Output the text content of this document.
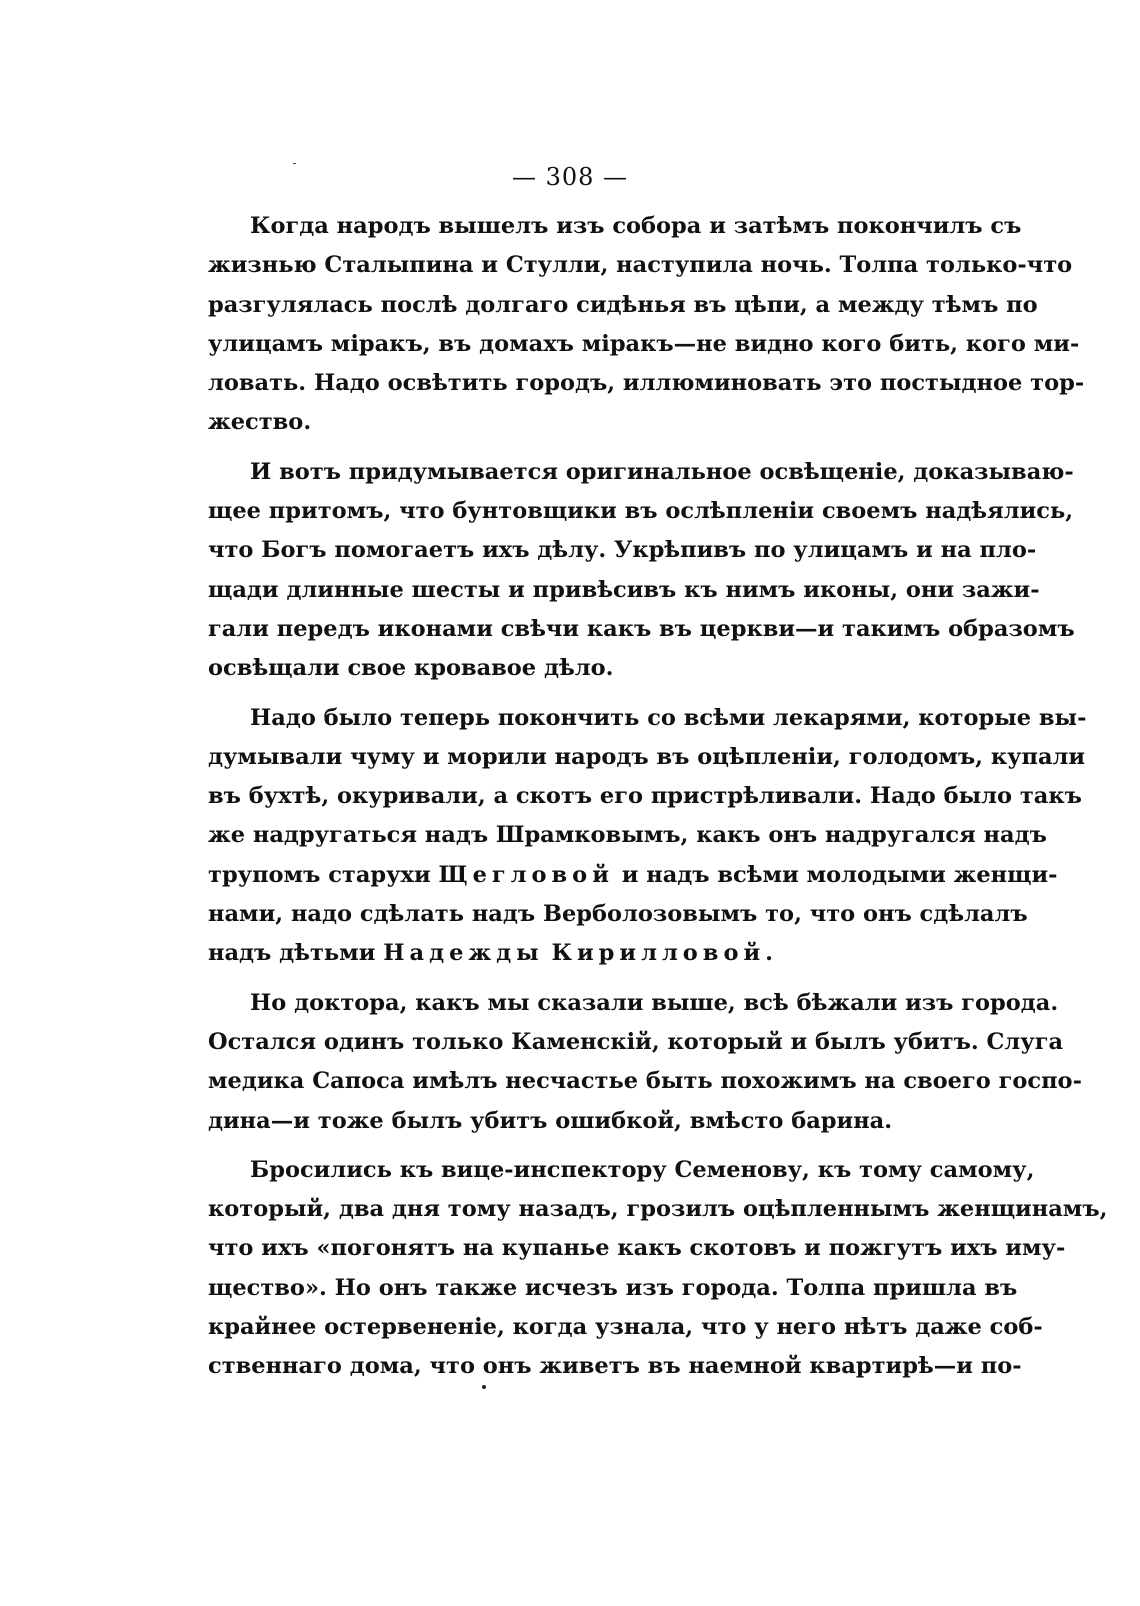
— 308 —
Когда народъ вышелъ изъ собора и затѣмъ покончилъ съ
жизнью Сталыпина и Стулли, наступила ночь. Толпа только-что
разгулялась послѣ долгаго сидѣнья въ цѣпи, а между тѣмъ по
улицамъ міракъ, въ домахъ міракъ—не видно кого бить, кого ми-
ловать. Надо освѣтить городъ, иллюминовать это постыдное тор-
жество.
И вотъ придумывается оригинальное освѣщеніе, доказываю-
щее притомъ, что бунтовщики въ ослѣпленіи своемъ надѣялись,
что Богъ помогаетъ ихъ дѣлу. Укрѣпивъ по улицамъ и на пло-
щади длинные шесты и привѣсивъ къ нимъ иконы, они зажи-
гали передъ иконами свѣчи какъ въ церкви—и такимъ образомъ
освѣщали свое кровавое дѣло.
Надо было теперь покончить со всѣми лекарями, которые вы-
думывали чуму и морили народъ въ оцѣпленіи, голодомъ, купали
въ бухтѣ, окуривали, а скотъ его пристрѣливали. Надо было такъ
же надругаться надъ Шрамковымъ, какъ онъ надругался надъ
трупомъ старухи Щегловой и надъ всѣми молодыми женщи-
нами, надо сдѣлать надъ Верболозовымъ то, что онъ сдѣлалъ
надъ дѣтьми Надежды Кирилловой.
Но доктора, какъ мы сказали выше, всѣ бѣжали изъ города.
Остался одинъ только Каменскій, который и былъ убитъ. Слуга
медика Сапоса имѣлъ несчастье быть похожимъ на своего госпо-
дина—и тоже былъ убитъ ошибкой, вмѣсто барина.
Бросились къ вице-инспектору Семенову, къ тому самому,
который, два дня тому назадъ, грозилъ оцѣпленнымъ женщинамъ,
что ихъ «погонятъ на купанье какъ скотовъ и пожгутъ ихъ иму-
щество». Но онъ также исчезъ изъ города. Толпа пришла въ
крайнее остервененіе, когда узнала, что у него нѣтъ даже соб-
ственнаго дома, что онъ живетъ въ наемной квартирѣ—и по-
